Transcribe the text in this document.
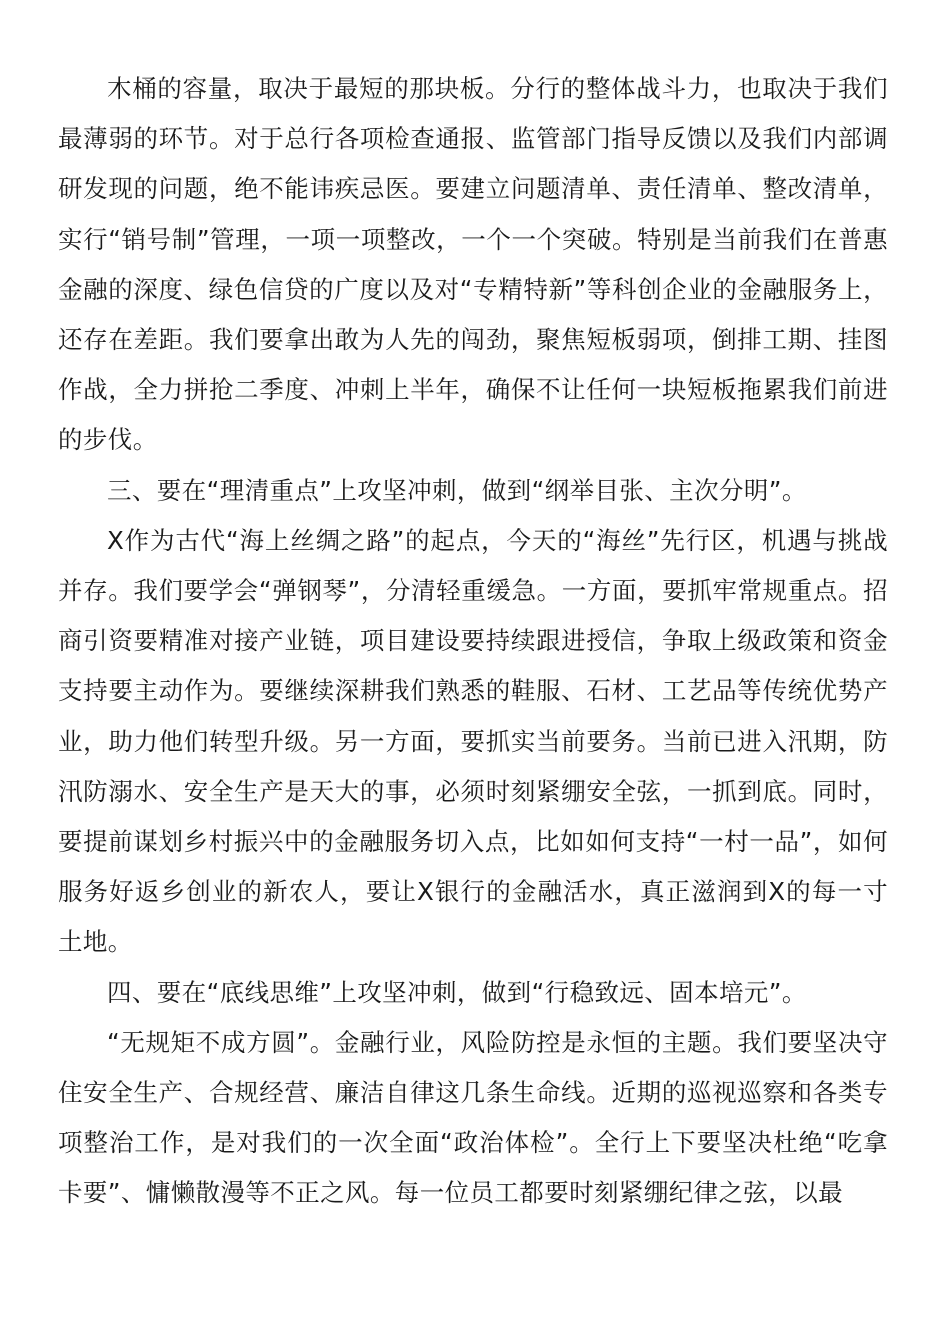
木桶的容量，取决于最短的那块板。分行的整体战斗力，也取决于我们最薄弱的环节。对于总行各项检查通报、监管部门指导反馈以及我们内部调研发现的问题，绝不能讳疾忌医。要建立问题清单、责任清单、整改清单，实行“销号制”管理，一项一项整改，一个一个突破。特别是当前我们在普惠金融的深度、绿色信贷的广度以及对“专精特新”等科创企业的金融服务上，还存在差距。我们要拿出敢为人先的闯劲，聚焦短板弱项，倒排工期、挂图作战，全力拼抢二季度、冲刺上半年，确保不让任何一块短板拖累我们前进的步伐。

三、要在“理清重点”上攻坚冲刺，做到“纲举目张、主次分明”。

X作为古代“海上丝绸之路”的起点，今天的“海丝”先行区，机遇与挑战并存。我们要学会“弹钢琴”，分清轻重缓急。一方面，要抓牢常规重点。招商引资要精准对接产业链，项目建设要持续跟进授信，争取上级政策和资金支持要主动作为。要继续深耕我们熟悉的鞋服、石材、工艺品等传统优势产业，助力他们转型升级。另一方面，要抓实当前要务。当前已进入汛期，防汛防溺水、安全生产是天大的事，必须时刻紧绷安全弦，一抓到底。同时，要提前谋划乡村振兴中的金融服务切入点，比如如何支持“一村一品”，如何服务好返乡创业的新农人，要让X银行的金融活水，真正滋润到X的每一寸土地。

四、要在“底线思维”上攻坚冲刺，做到“行稳致远、固本培元”。

“无规矩不成方圆”。金融行业，风险防控是永恒的主题。我们要坚决守住安全生产、合规经营、廉洁自律这几条生命线。近期的巡视巡察和各类专项整治工作，是对我们的一次全面“政治体检”。全行上下要坚决杜绝“吃拿卡要”、慵懒散漫等不正之风。每一位员工都要时刻紧绷纪律之弦，以最
